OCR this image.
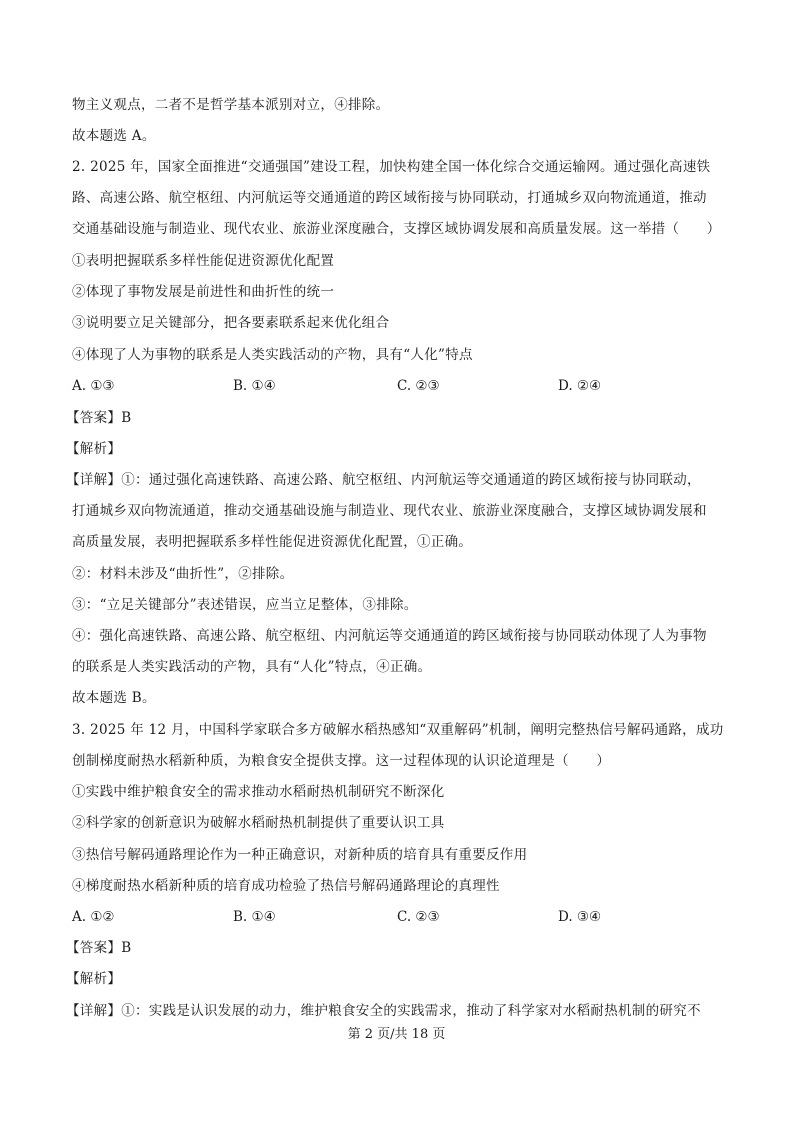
物主义观点，二者不是哲学基本派别对立，④排除。
故本题选 A。
2. 2025 年，国家全面推进“交通强国”建设工程，加快构建全国一体化综合交通运输网。通过强化高速铁
路、高速公路、航空枢纽、内河航运等交通通道的跨区域衔接与协同联动，打通城乡双向物流通道，推动
交通基础设施与制造业、现代农业、旅游业深度融合，支撑区域协调发展和高质量发展。这一举措（　　）
①表明把握联系多样性能促进资源优化配置
②体现了事物发展是前进性和曲折性的统一
③说明要立足关键部分，把各要素联系起来优化组合
④体现了人为事物的联系是人类实践活动的产物，具有“人化”特点
A. ①③	B. ①④	C. ②③	D. ②④
【答案】B
【解析】
【详解】①：通过强化高速铁路、高速公路、航空枢纽、内河航运等交通通道的跨区域衔接与协同联动，
打通城乡双向物流通道，推动交通基础设施与制造业、现代农业、旅游业深度融合，支撑区域协调发展和
高质量发展，表明把握联系多样性能促进资源优化配置，①正确。
②：材料未涉及“曲折性”，②排除。
③：“立足关键部分”表述错误，应当立足整体，③排除。
④：强化高速铁路、高速公路、航空枢纽、内河航运等交通通道的跨区域衔接与协同联动体现了人为事物
的联系是人类实践活动的产物，具有“人化”特点，④正确。
故本题选 B。
3. 2025 年 12 月，中国科学家联合多方破解水稻热感知“双重解码”机制，阐明完整热信号解码通路，成功
创制梯度耐热水稻新种质，为粮食安全提供支撑。这一过程体现的认识论道理是（　　）
①实践中维护粮食安全的需求推动水稻耐热机制研究不断深化
②科学家的创新意识为破解水稻耐热机制提供了重要认识工具
③热信号解码通路理论作为一种正确意识，对新种质的培育具有重要反作用
④梯度耐热水稻新种质的培育成功检验了热信号解码通路理论的真理性
A. ①②	B. ①④	C. ②③	D. ③④
【答案】B
【解析】
【详解】①：实践是认识发展的动力，维护粮食安全的实践需求，推动了科学家对水稻耐热机制的研究不
第 2 页/共 18 页
